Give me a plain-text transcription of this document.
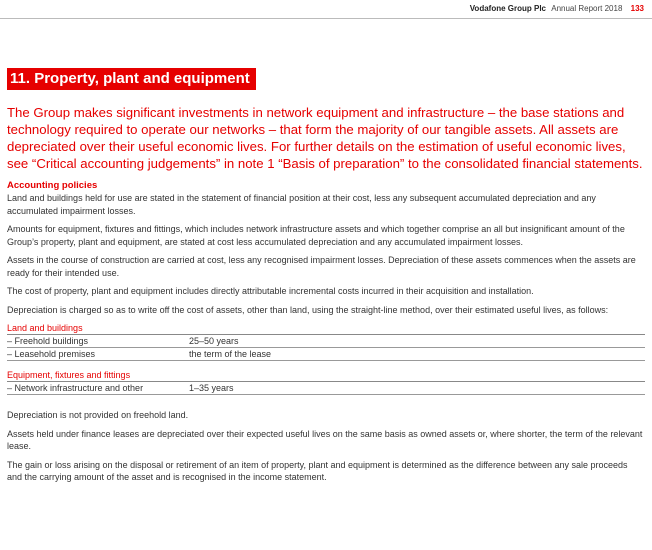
Vodafone Group Plc Annual Report 2018 133
11. Property, plant and equipment

The Group makes significant investments in network equipment and infrastructure – the base stations and technology required to operate our networks – that form the majority of our tangible assets. All assets are depreciated over their useful economic lives. For further details on the estimation of useful economic lives, see “Critical accounting judgements” in note 1 “Basis of preparation” to the consolidated financial statements.

Accounting policies

Land and buildings held for use are stated in the statement of financial position at their cost, less any subsequent accumulated depreciation and any accumulated impairment losses.

Amounts for equipment, fixtures and fittings, which includes network infrastructure assets and which together comprise an all but insignificant amount of the Group’s property, plant and equipment, are stated at cost less accumulated depreciation and any accumulated impairment losses.

Assets in the course of construction are carried at cost, less any recognised impairment losses. Depreciation of these assets commences when the assets are ready for their intended use.

The cost of property, plant and equipment includes directly attributable incremental costs incurred in their acquisition and installation.

Depreciation is charged so as to write off the cost of assets, other than land, using the straight-line method, over their estimated useful lives, as follows:

Land and buildings
– Freehold buildings	25–50 years
– Leasehold premises	the term of the lease
Equipment, fixtures and fittings
– Network infrastructure and other	1–35 years

Depreciation is not provided on freehold land.

Assets held under finance leases are depreciated over their expected useful lives on the same basis as owned assets or, where shorter, the term of the relevant lease.

The gain or loss arising on the disposal or retirement of an item of property, plant and equipment is determined as the difference between any sale proceeds and the carrying amount of the asset and is recognised in the income statement.
